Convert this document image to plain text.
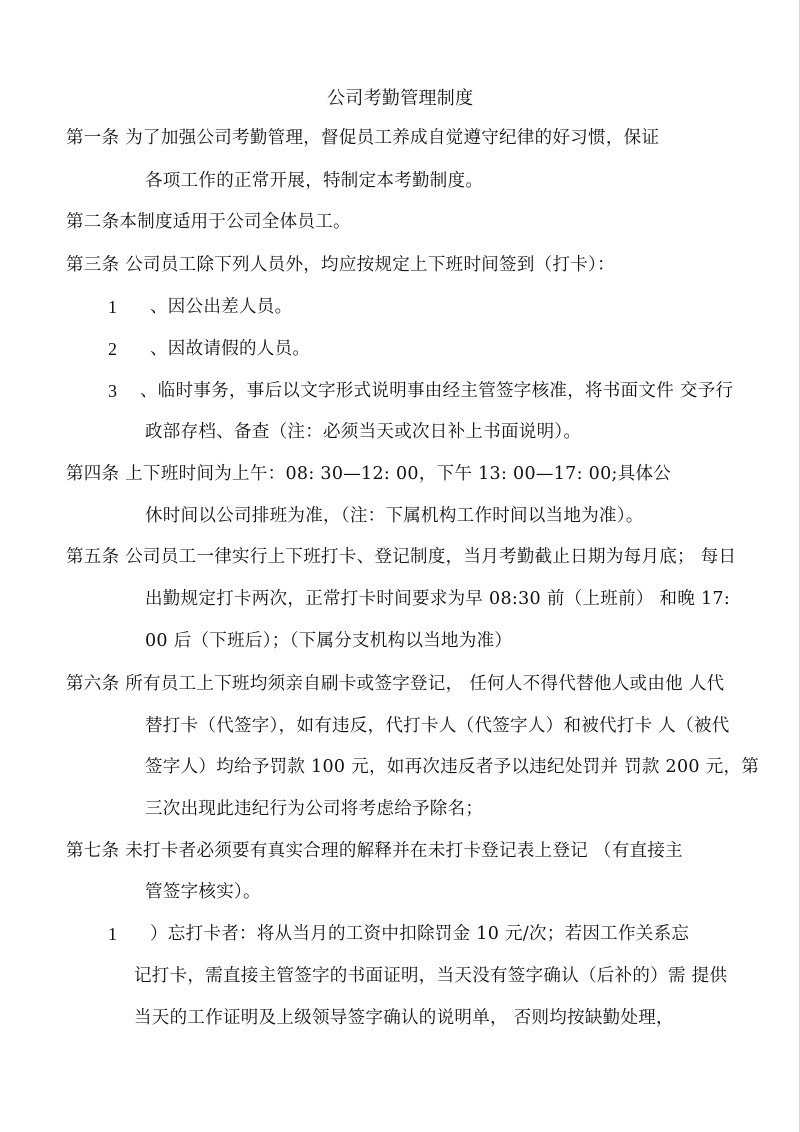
公司考勤管理制度
第一条 为了加强公司考勤管理，督促员工养成自觉遵守纪律的好习惯，保证
各项工作的正常开展，特制定本考勤制度。
第二条本制度适用于公司全体员工。
第三条 公司员工除下列人员外，均应按规定上下班时间签到（打卡）：
1 、因公出差人员。
2 、因故请假的人员。
3 、临时事务，事后以文字形式说明事由经主管签字核准，将书面文件 交予行
政部存档、备查（注：必须当天或次日补上书面说明）。
第四条 上下班时间为上午：08: 30—12: 00，下午 13: 00—17: 00;具体公
休时间以公司排班为准，（注：下属机构工作时间以当地为准）。
第五条 公司员工一律实行上下班打卡、登记制度，当月考勤截止日期为每月底； 每日
出勤规定打卡两次，正常打卡时间要求为早 08:30 前（上班前） 和晚 17:
00 后（下班后）；（下属分支机构以当地为准）
第六条 所有员工上下班均须亲自刷卡或签字登记， 任何人不得代替他人或由他 人代
替打卡（代签字），如有违反，代打卡人（代签字人）和被代打卡 人（被代
签字人）均给予罚款 100 元，如再次违反者予以违纪处罚并 罚款 200 元，第
三次出现此违纪行为公司将考虑给予除名；
第七条 未打卡者必须要有真实合理的解释并在未打卡登记表上登记 （有直接主
管签字核实）。
1 ）忘打卡者：将从当月的工资中扣除罚金 10 元/次；若因工作关系忘
记打卡，需直接主管签字的书面证明，当天没有签字确认（后补的）需 提供
当天的工作证明及上级领导签字确认的说明单， 否则均按缺勤处理，
